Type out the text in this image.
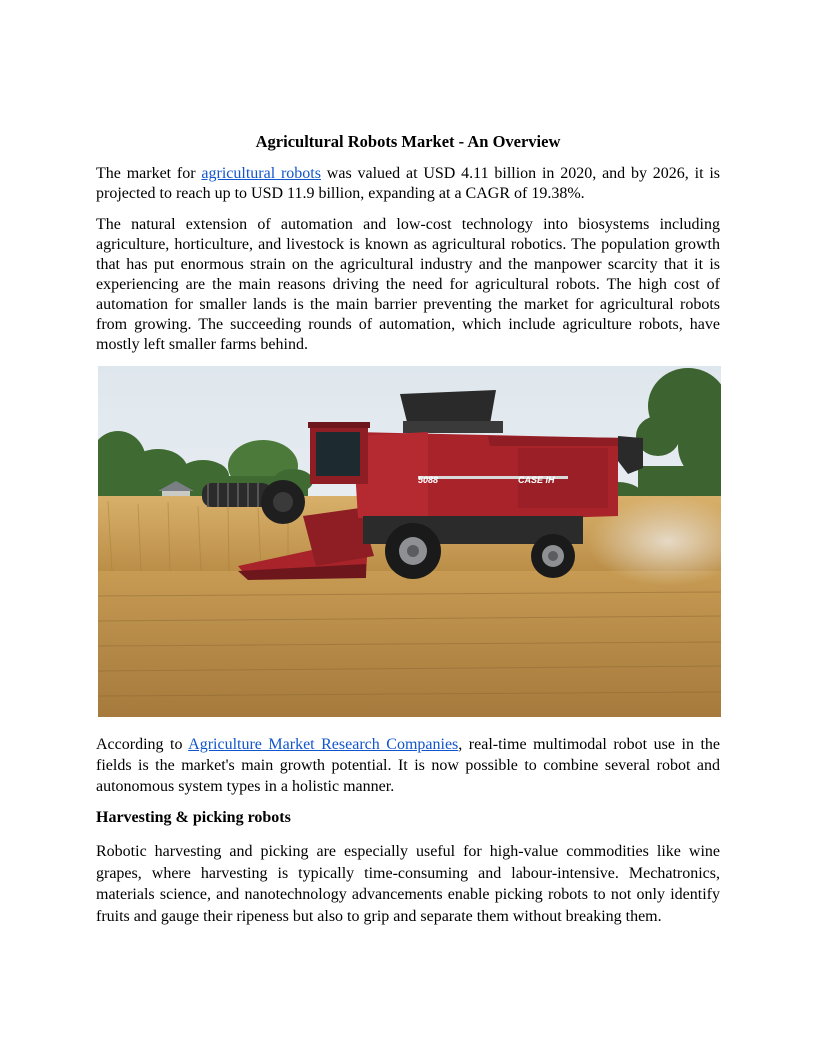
Agricultural Robots Market - An Overview

The market for agricultural robots was valued at USD 4.11 billion in 2020, and by 2026, it is projected to reach up to USD 11.9 billion, expanding at a CAGR of 19.38%.

The natural extension of automation and low-cost technology into biosystems including agriculture, horticulture, and livestock is known as agricultural robotics. The population growth that has put enormous strain on the agricultural industry and the manpower scarcity that it is experiencing are the main reasons driving the need for agricultural robots. The high cost of automation for smaller lands is the main barrier preventing the market for agricultural robots from growing. The succeeding rounds of automation, which include agriculture robots, have mostly left smaller farms behind.

5088	CASE IH

According to Agriculture Market Research Companies, real-time multimodal robot use in the fields is the market's main growth potential. It is now possible to combine several robot and autonomous system types in a holistic manner.

Harvesting & picking robots

Robotic harvesting and picking are especially useful for high-value commodities like wine grapes, where harvesting is typically time-consuming and labour-intensive. Mechatronics, materials science, and nanotechnology advancements enable picking robots to not only identify fruits and gauge their ripeness but also to grip and separate them without breaking them.
